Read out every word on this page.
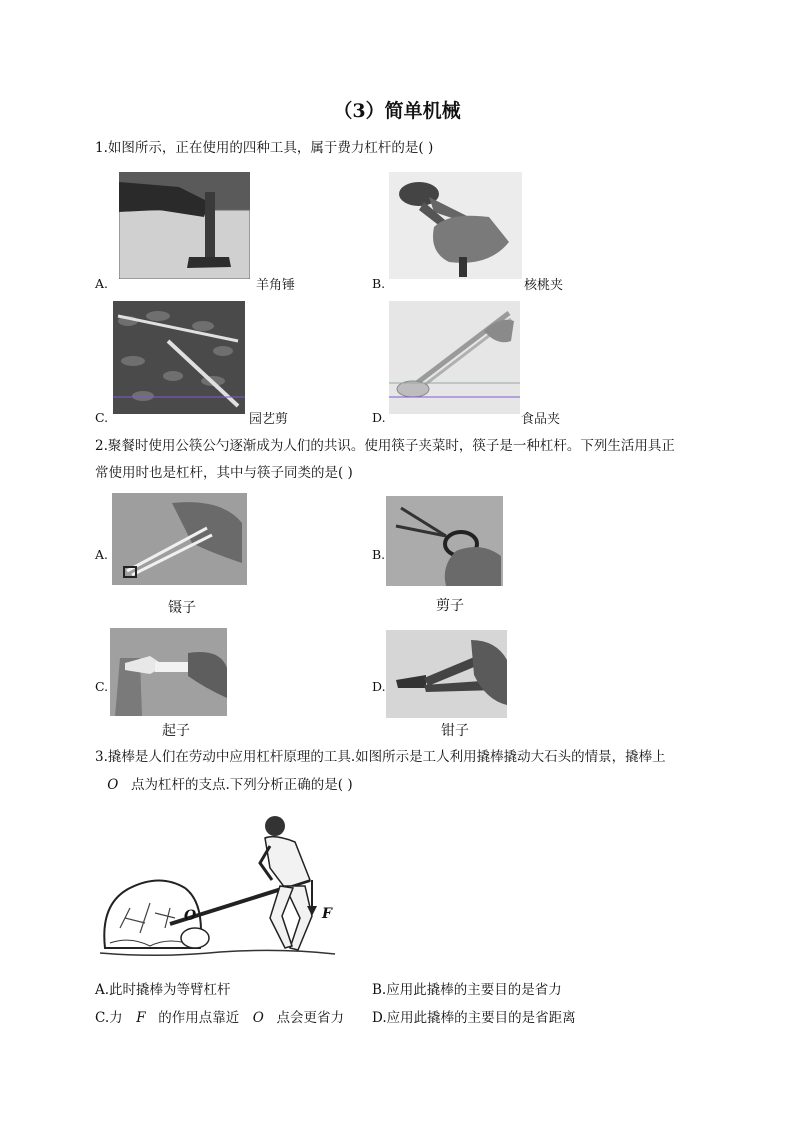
（3）简单机械
1.如图所示，正在使用的四种工具，属于费力杠杆的是( )
A.	羊角锤	B.	核桃夹
C.	园艺剪	D.	食品夹
2.聚餐时使用公筷公勺逐渐成为人们的共识。使用筷子夹菜时，筷子是一种杠杆。下列生活用具正
常使用时也是杠杆，其中与筷子同类的是( )
A.
镊子
B.
剪子
C.
起子
D.
钳子
3.撬棒是人们在劳动中应用杠杆原理的工具.如图所示是工人利用撬棒撬动大石头的情景，撬棒上
O 点为杠杆的支点.下列分析正确的是( )
O	F
A.此时撬棒为等臂杠杆	B.应用此撬棒的主要目的是省力
C.力 F 的作用点靠近 O 点会更省力 D.应用此撬棒的主要目的是省距离
